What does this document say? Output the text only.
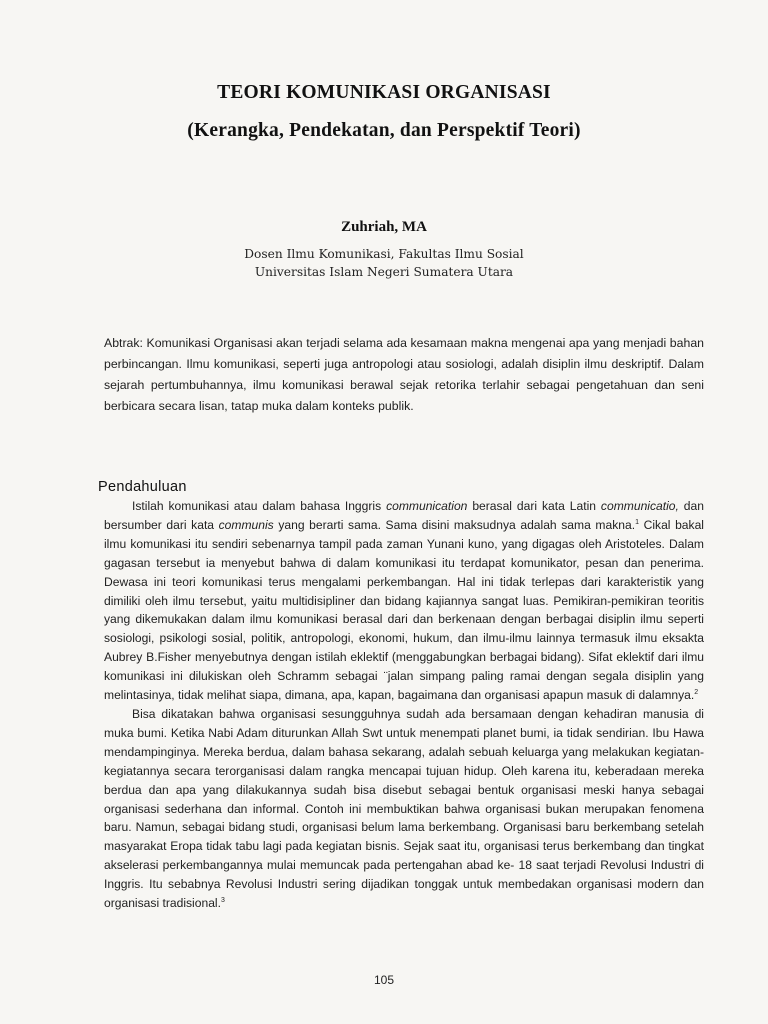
TEORI KOMUNIKASI ORGANISASI
(Kerangka, Pendekatan, dan Perspektif Teori)
Zuhriah, MA
Dosen Ilmu Komunikasi, Fakultas Ilmu Sosial
Universitas Islam Negeri Sumatera Utara
Abtrak: Komunikasi Organisasi akan terjadi selama ada kesamaan makna mengenai apa yang menjadi bahan perbincangan. Ilmu komunikasi, seperti juga antropologi atau sosiologi, adalah disiplin ilmu deskriptif. Dalam sejarah pertumbuhannya, ilmu komunikasi berawal sejak retorika terlahir sebagai pengetahuan dan seni berbicara secara lisan, tatap muka dalam konteks publik.
Pendahuluan

Istilah komunikasi atau dalam bahasa Inggris communication berasal dari kata Latin communicatio, dan bersumber dari kata communis yang berarti sama. Sama disini maksudnya adalah sama makna.$^1$ Cikal bakal ilmu komunikasi itu sendiri sebenarnya tampil pada zaman Yunani kuno, yang digagas oleh Aristoteles. Dalam gagasan tersebut ia menyebut bahwa di dalam komunikasi itu terdapat komunikator, pesan dan penerima. Dewasa ini teori komunikasi terus mengalami perkembangan. Hal ini tidak terlepas dari karakteristik yang dimiliki oleh ilmu tersebut, yaitu multidisipliner dan bidang kajiannya sangat luas. Pemikiran-pemikiran teoritis yang dikemukakan dalam ilmu komunikasi berasal dari dan berkenaan dengan berbagai disiplin ilmu seperti sosiologi, psikologi sosial, politik, antropologi, ekonomi, hukum, dan ilmu-ilmu lainnya termasuk ilmu eksakta Aubrey B.Fisher menyebutnya dengan istilah eklektif (menggabungkan berbagai bidang). Sifat eklektif dari ilmu komunikasi ini dilukiskan oleh Schramm sebagai ¨jalan simpang paling ramai dengan segala disiplin yang melintasinya, tidak melihat siapa, dimana, apa, kapan, bagaimana dan organisasi apapun masuk di dalamnya.$^2$

Bisa dikatakan bahwa organisasi sesungguhnya sudah ada bersamaan dengan kehadiran manusia di muka bumi. Ketika Nabi Adam diturunkan Allah Swt untuk menempati planet bumi, ia tidak sendirian. Ibu Hawa mendampinginya. Mereka berdua, dalam bahasa sekarang, adalah sebuah keluarga yang melakukan kegiatan-kegiatannya secara terorganisasi dalam rangka mencapai tujuan hidup. Oleh karena itu, keberadaan mereka berdua dan apa yang dilakukannya sudah bisa disebut sebagai bentuk organisasi meski hanya sebagai organisasi sederhana dan informal. Contoh ini membuktikan bahwa organisasi bukan merupakan fenomena baru. Namun, sebagai bidang studi, organisasi belum lama berkembang. Organisasi baru berkembang setelah masyarakat Eropa tidak tabu lagi pada kegiatan bisnis. Sejak saat itu, organisasi terus berkembang dan tingkat akselerasi perkembangannya mulai memuncak pada pertengahan abad ke- 18 saat terjadi Revolusi Industri di Inggris. Itu sebabnya Revolusi Industri sering dijadikan tonggak untuk membedakan organisasi modern dan organisasi tradisional.$^3$

105
